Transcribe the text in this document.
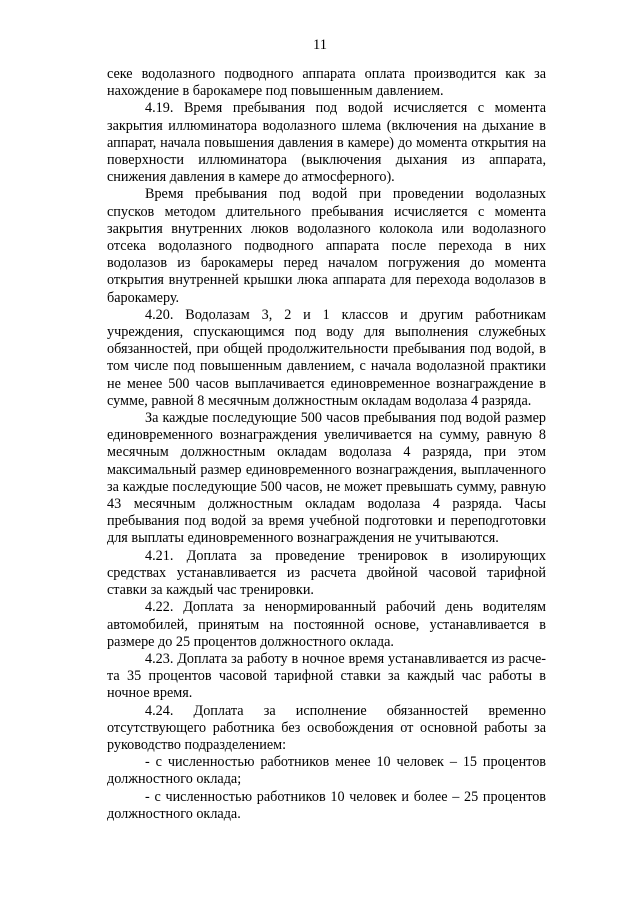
11

секе водолазного подводного аппарата оплата производится как за нахождение в барокамере под повышенным давлением.

4.19. Время пребывания под водой исчисляется с момента закрытия иллюминатора водолазного шлема (включения на дыхание в аппарат, начала повышения давления в камере) до момента открытия на поверхности иллюминатора (выключения дыхания из аппарата, снижения давления в камере до атмосферного).

Время пребывания под водой при проведении водолазных спусков методом длительного пребывания исчисляется с момента закрытия внутренних люков водолазного колокола или водолазного отсека водолазного подводного аппарата после перехода в них водолазов из барокамеры перед началом погружения до момента открытия внутренней крышки люка аппарата для перехода водолазов в барокамеру.

4.20. Водолазам 3, 2 и 1 классов и другим работникам учреждения, спускающимся под воду для выполнения служебных обязанностей, при общей продолжительности пребывания под водой, в том числе под повышенным давлением, с начала водолазной практики не менее 500 часов выплачивается единовременное вознаграждение в сумме, равной 8 месячным должностным окладам водолаза 4 разряда.

За каждые последующие 500 часов пребывания под водой размер единовременного вознаграждения увеличивается на сумму, равную 8 месячным должностным окладам водолаза 4 разряда, при этом максимальный размер единовременного вознаграждения, выплаченного за каждые последующие 500 часов, не может превышать сумму, равную 43 месячным должностным окладам водолаза 4 разряда. Часы пребывания под водой за время учебной подготовки и переподготовки для выплаты единовременного вознаграждения не учитываются.

4.21. Доплата за проведение тренировок в изолирующих средствах устанавливается из расчета двойной часовой тарифной ставки за каждый час тренировки.

4.22. Доплата за ненормированный рабочий день водителям автомобилей, принятым на постоянной основе, устанавливается в размере до 25 процентов должностного оклада.

4.23. Доплата за работу в ночное время устанавливается из расчета 35 процентов часовой тарифной ставки за каждый час работы в ночное время.

4.24. Доплата за исполнение обязанностей временно отсутствующего работника без освобождения от основной работы за руководство подразделением:

- с численностью работников менее 10 человек – 15 процентов должностного оклада;

- с численностью работников 10 человек и более – 25 процентов должностного оклада.
